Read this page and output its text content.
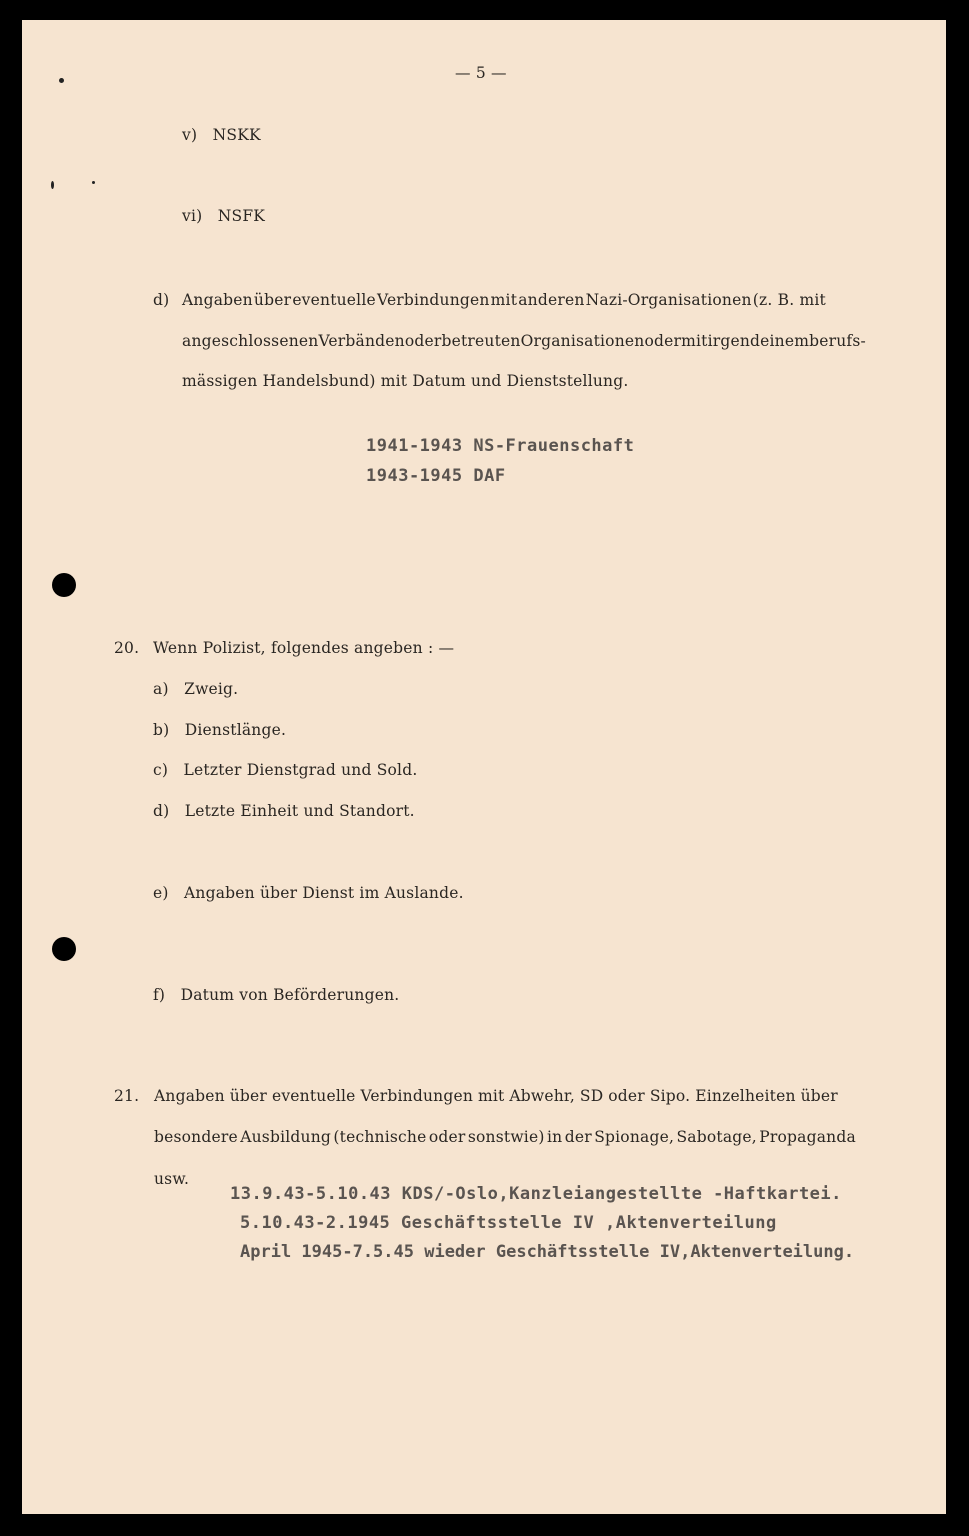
— 5 —
v) NSKK
vi) NSFK
d) Angaben über eventuelle Verbindungen mit anderen Nazi-Organisationen (z. B. mit
angeschlossenen Verbänden oder betreuten Organisationen oder mit irgendeinem berufs-
mässigen Handelsbund) mit Datum und Dienststellung.
1941-1943 NS-Frauenschaft
1943-1945 DAF
20. Wenn Polizist, folgendes angeben : —
a) Zweig.
b) Dienstlänge.
c) Letzter Dienstgrad und Sold.
d) Letzte Einheit und Standort.
e) Angaben über Dienst im Auslande.
f) Datum von Beförderungen.
21. Angaben über eventuelle Verbindungen mit Abwehr, SD oder Sipo. Einzelheiten über
besondere Ausbildung (technische oder sonstwie) in der Spionage, Sabotage, Propaganda
usw.
13.9.43-5.10.43 KDS/-Oslo,Kanzleiangestellte -Haftkartei.
5.10.43-2.1945 Geschäftsstelle IV ,Aktenverteilung
April 1945-7.5.45 wieder Geschäftsstelle IV,Aktenverteilung.
